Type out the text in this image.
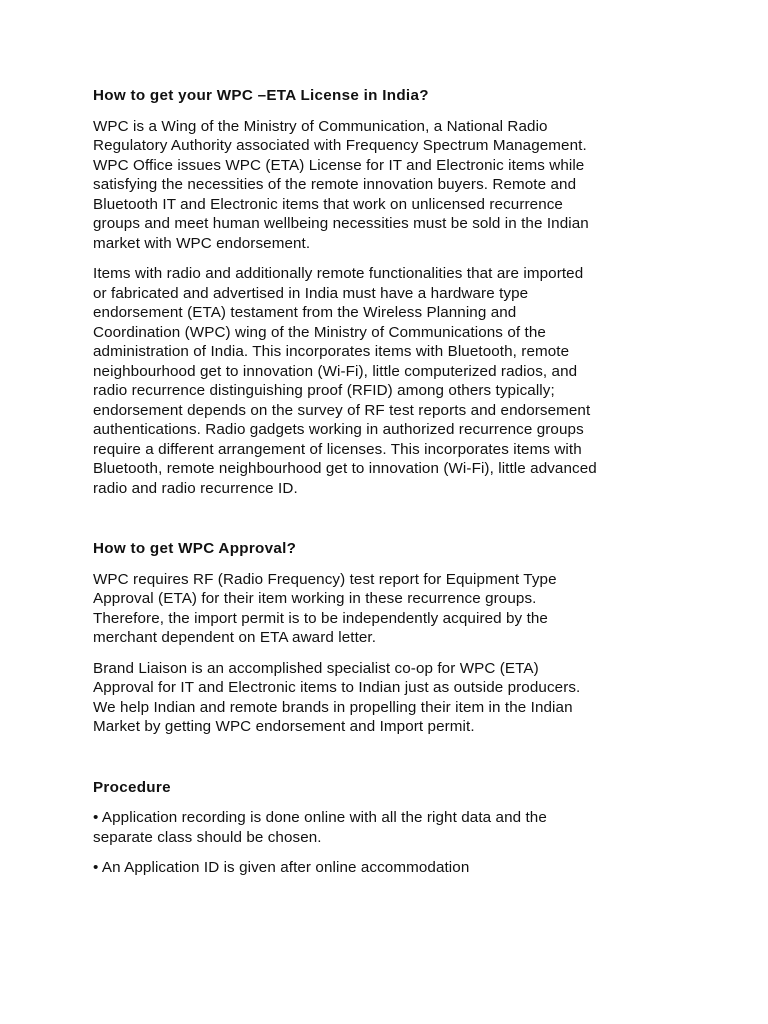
How to get your WPC –ETA License in India?
WPC is a Wing of the Ministry of Communication, a National Radio
Regulatory Authority associated with Frequency Spectrum Management.
WPC Office issues WPC (ETA) License for IT and Electronic items while
satisfying the necessities of the remote innovation buyers. Remote and
Bluetooth IT and Electronic items that work on unlicensed recurrence
groups and meet human wellbeing necessities must be sold in the Indian
market with WPC endorsement.
Items with radio and additionally remote functionalities that are imported
or fabricated and advertised in India must have a hardware type
endorsement (ETA) testament from the Wireless Planning and
Coordination (WPC) wing of the Ministry of Communications of the
administration of India. This incorporates items with Bluetooth, remote
neighbourhood get to innovation (Wi-Fi), little computerized radios, and
radio recurrence distinguishing proof (RFID) among others typically;
endorsement depends on the survey of RF test reports and endorsement
authentications. Radio gadgets working in authorized recurrence groups
require a different arrangement of licenses. This incorporates items with
Bluetooth, remote neighbourhood get to innovation (Wi-Fi), little advanced
radio and radio recurrence ID.
How to get WPC Approval?
WPC requires RF (Radio Frequency) test report for Equipment Type
Approval (ETA) for their item working in these recurrence groups.
Therefore, the import permit is to be independently acquired by the
merchant dependent on ETA award letter.
Brand Liaison is an accomplished specialist co-op for WPC (ETA)
Approval for IT and Electronic items to Indian just as outside producers.
We help Indian and remote brands in propelling their item in the Indian
Market by getting WPC endorsement and Import permit.
Procedure
• Application recording is done online with all the right data and the
separate class should be chosen.
• An Application ID is given after online accommodation
